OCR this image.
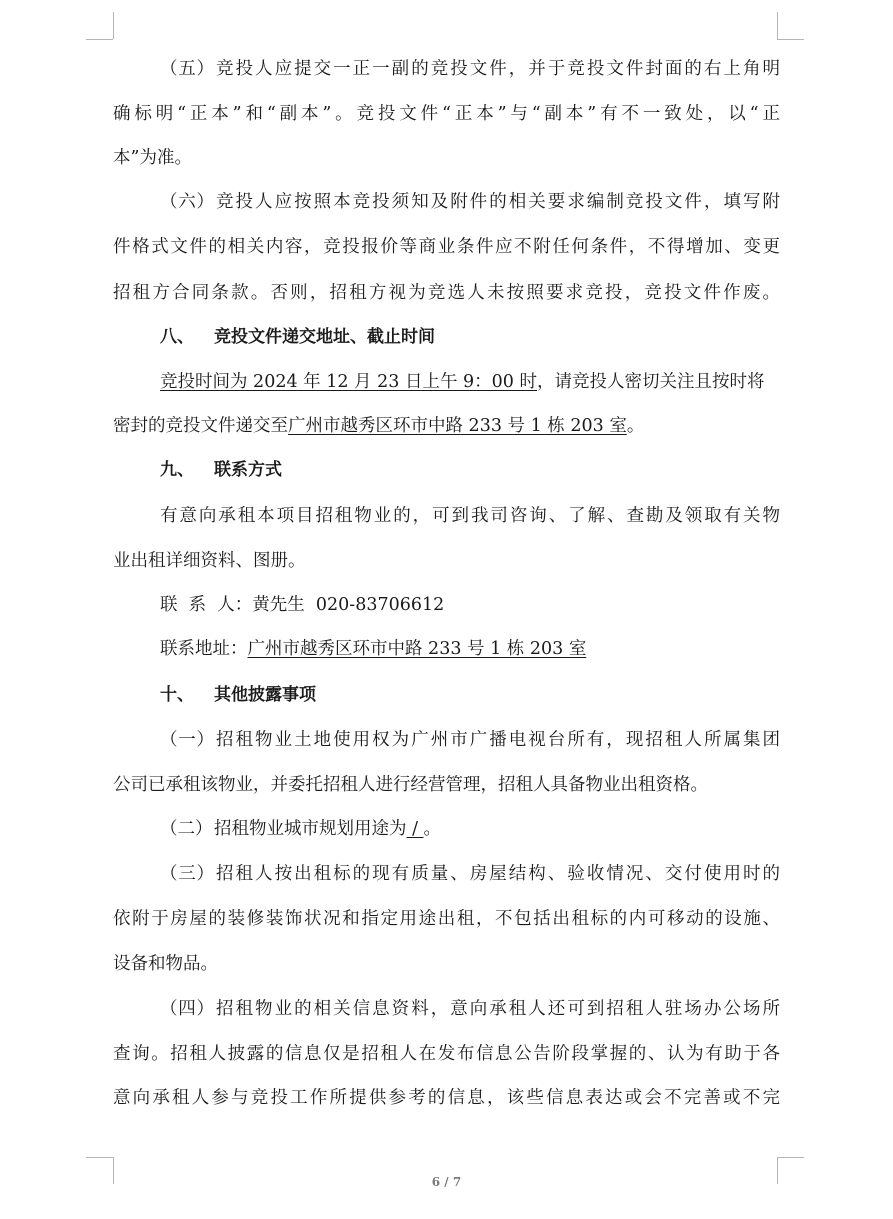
（五）竞投人应提交一正一副的竞投文件，并于竞投文件封面的右上角明
确标明“正本”和“副本”。竞投文件“正本”与“副本”有不一致处，以“正
本”为准。
（六）竞投人应按照本竞投须知及附件的相关要求编制竞投文件，填写附
件格式文件的相关内容，竞投报价等商业条件应不附任何条件，不得增加、变更
招租方合同条款。否则，招租方视为竞选人未按照要求竞投，竞投文件作废。
八、 竞投文件递交地址、截止时间
竞投时间为 2024 年 12 月 23 日上午 9：00 时，请竞投人密切关注且按时将
密封的竞投文件递交至广州市越秀区环市中路 233 号 1 栋 203 室。
九、 联系方式
有意向承租本项目招租物业的，可到我司咨询、了解、查勘及领取有关物
业出租详细资料、图册。
联  系  人：黄先生  020-83706612
联系地址：广州市越秀区环市中路 233 号 1 栋 203 室
十、 其他披露事项
（一）招租物业土地使用权为广州市广播电视台所有，现招租人所属集团
公司已承租该物业，并委托招租人进行经营管理，招租人具备物业出租资格。
（二）招租物业城市规划用途为 / 。
（三）招租人按出租标的现有质量、房屋结构、验收情况、交付使用时的
依附于房屋的装修装饰状况和指定用途出租，不包括出租标的内可移动的设施、
设备和物品。
（四）招租物业的相关信息资料，意向承租人还可到招租人驻场办公场所
查询。招租人披露的信息仅是招租人在发布信息公告阶段掌握的、认为有助于各
意向承租人参与竞投工作所提供参考的信息，该些信息表达或会不完善或不完
6 / 7
